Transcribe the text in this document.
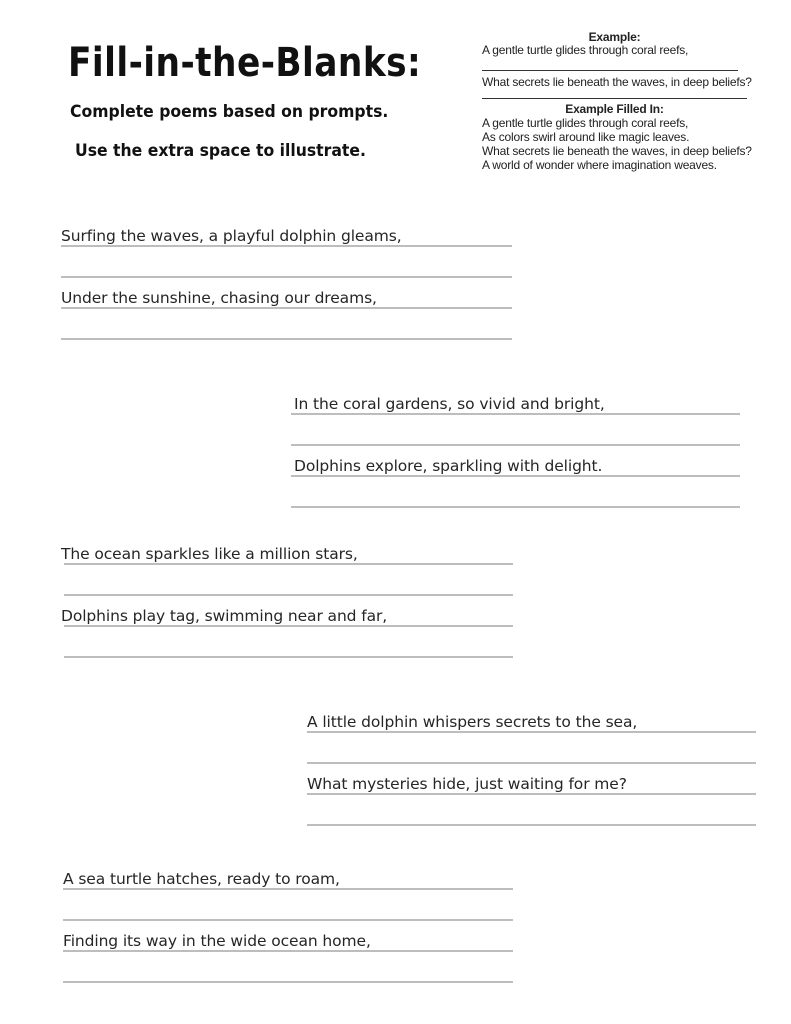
Fill-in-the-Blanks:
Complete poems based on prompts.
Use the extra space to illustrate.
Example:
A gentle turtle glides through coral reefs,
What secrets lie beneath the waves, in deep beliefs?
Example Filled In:
A gentle turtle glides through coral reefs,
As colors swirl around like magic leaves.
What secrets lie beneath the waves, in deep beliefs?
A world of wonder where imagination weaves.
Surfing the waves, a playful dolphin gleams,
Under the sunshine, chasing our dreams,
In the coral gardens, so vivid and bright,
Dolphins explore, sparkling with delight.
The ocean sparkles like a million stars,
Dolphins play tag, swimming near and far,
A little dolphin whispers secrets to the sea,
What mysteries hide, just waiting for me?
A sea turtle hatches, ready to roam,
Finding its way in the wide ocean home,
